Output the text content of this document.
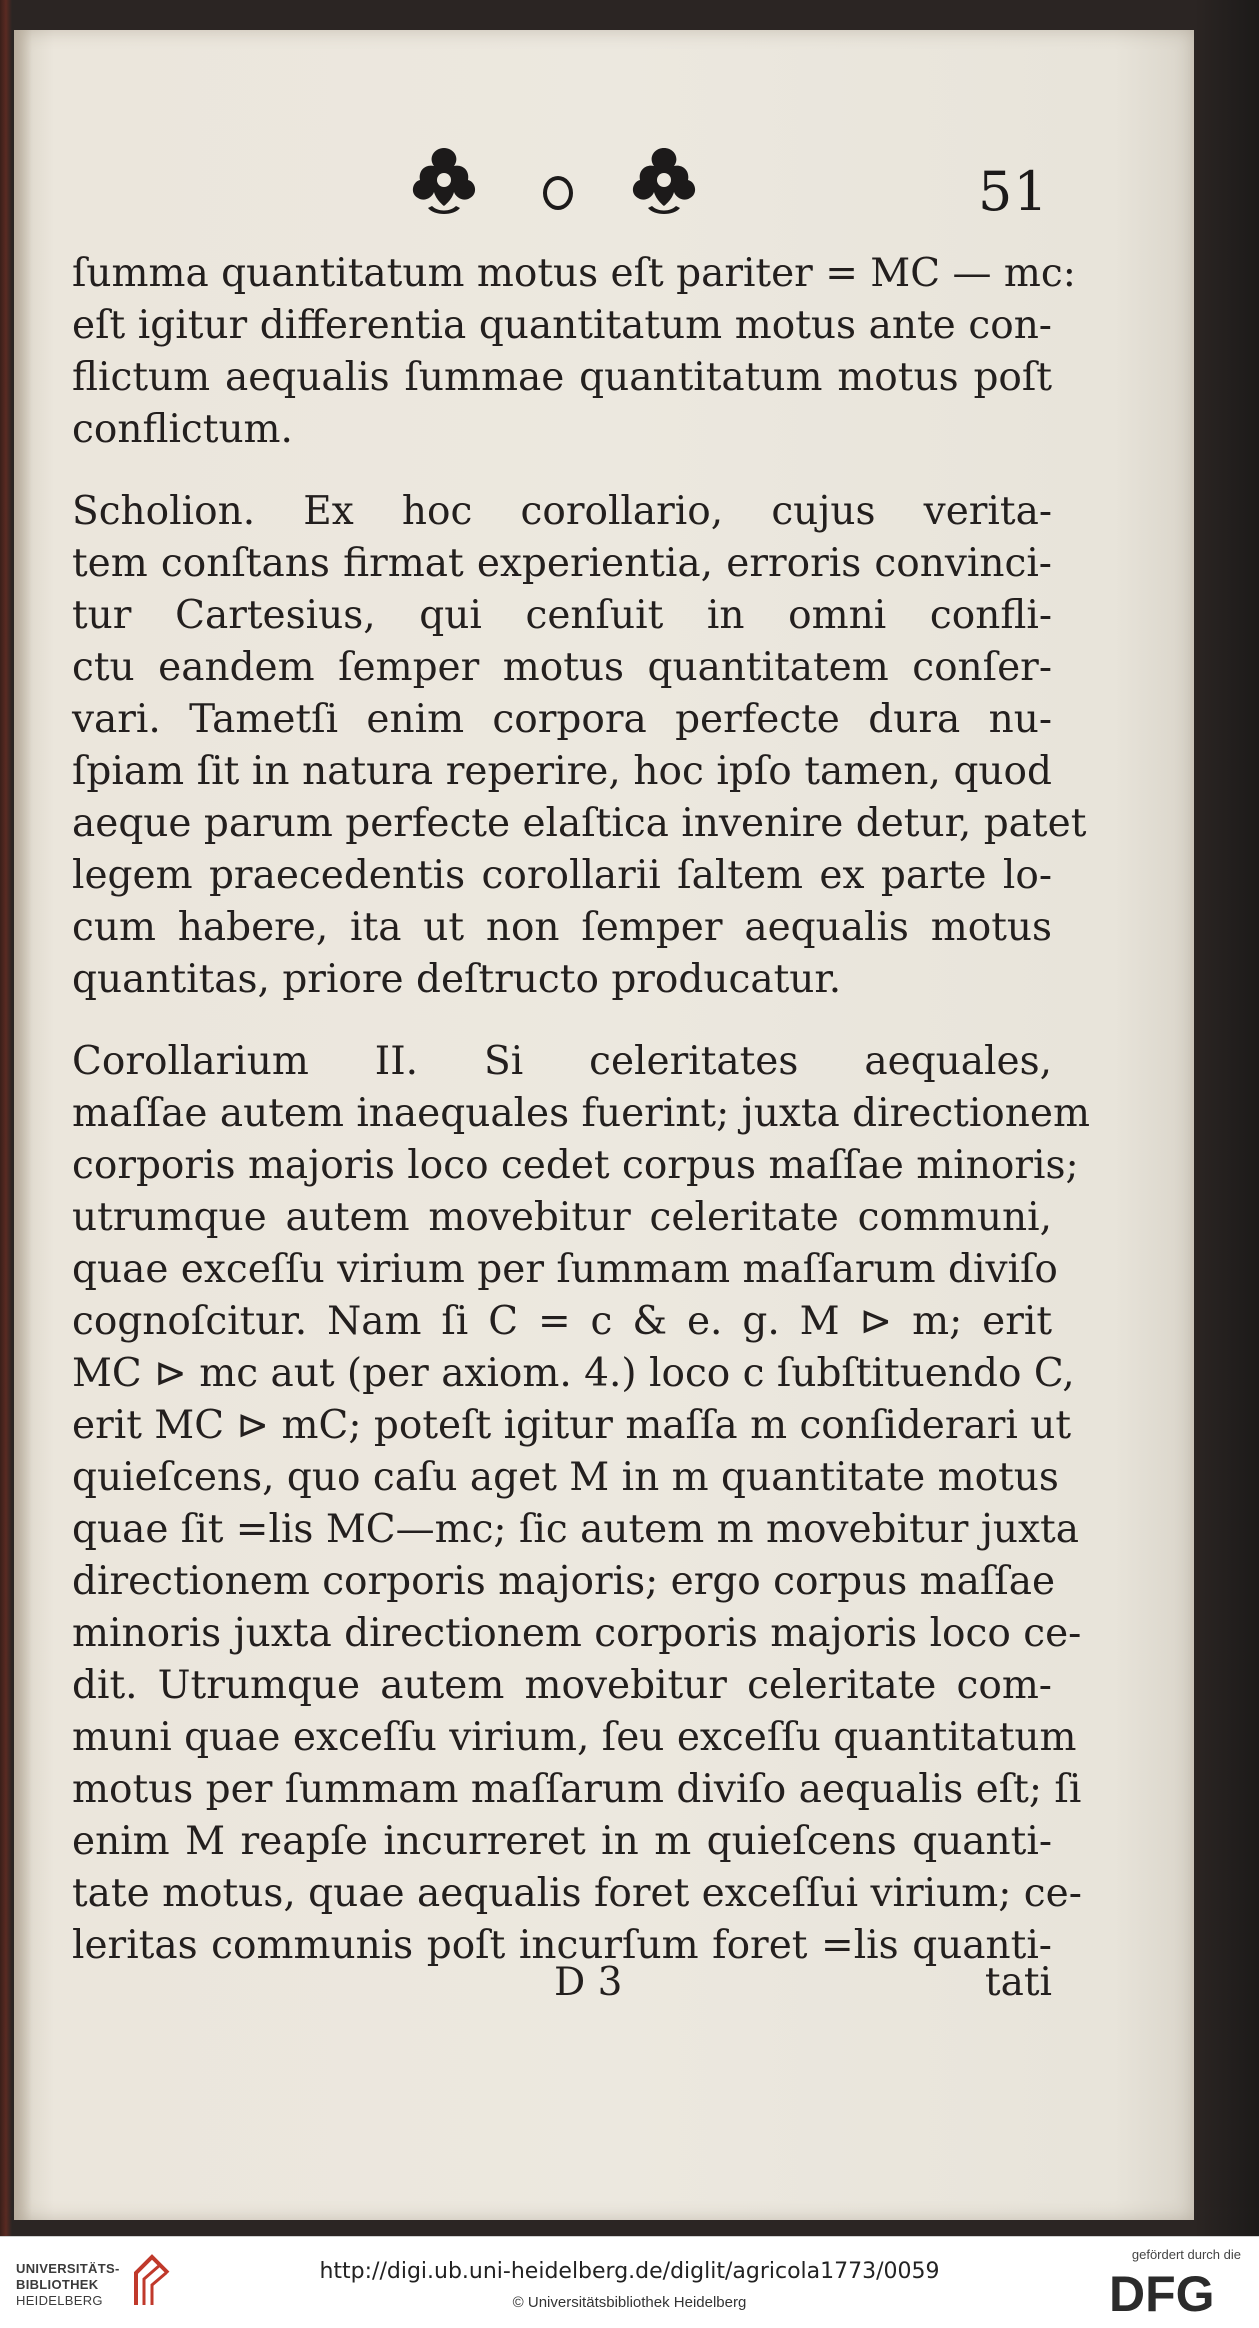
51
ſumma quantitatum motus eſt pariter = MC — mc:
eſt igitur differentia quantitatum motus ante con-
flictum aequalis ſummae quantitatum motus poſt
conflictum.
Scholion. Ex hoc corollario, cujus verita-
tem conſtans firmat experientia, erroris convinci-
tur Cartesius, qui cenſuit in omni confli-
ctu eandem ſemper motus quantitatem conſer-
vari. Tametſi enim corpora perfecte dura nu-
ſpiam ſit in natura reperire, hoc ipſo tamen, quod
aeque parum perfecte elaſtica invenire detur, patet
legem praecedentis corollarii ſaltem ex parte lo-
cum habere, ita ut non ſemper aequalis motus
quantitas, priore deſtructo producatur.
Corollarium II. Si celeritates aequales,
maſſae autem inaequales fuerint; juxta directionem
corporis majoris loco cedet corpus maſſae minoris;
utrumque autem movebitur celeritate communi,
quae exceſſu virium per ſummam maſſarum diviſo
cognoſcitur. Nam ſi C = c & e. g. M ⊳ m; erit
MC ⊳ mc aut (per axiom. 4.) loco c ſubſtituendo C,
erit MC ⊳ mC; poteſt igitur maſſa m conſiderari ut
quieſcens, quo caſu aget M in m quantitate motus
quae ſit =lis MC—mc; ſic autem m movebitur juxta
directionem corporis majoris; ergo corpus maſſae
minoris juxta directionem corporis majoris loco ce-
dit. Utrumque autem movebitur celeritate com-
muni quae exceſſu virium, ſeu exceſſu quantitatum
motus per ſummam maſſarum diviſo aequalis eſt; ſi
enim M reapſe incurreret in m quieſcens quanti-
tate motus, quae aequalis foret exceſſui virium; ce-
leritas communis poſt incurſum foret =lis quanti-
D 3	tati
UNIVERSITÄTS-
BIBLIOTHEK
HEIDELBERG
http://digi.ub.uni-heidelberg.de/diglit/agricola1773/0059
© Universitätsbibliothek Heidelberg
gefördert durch die
DFG
